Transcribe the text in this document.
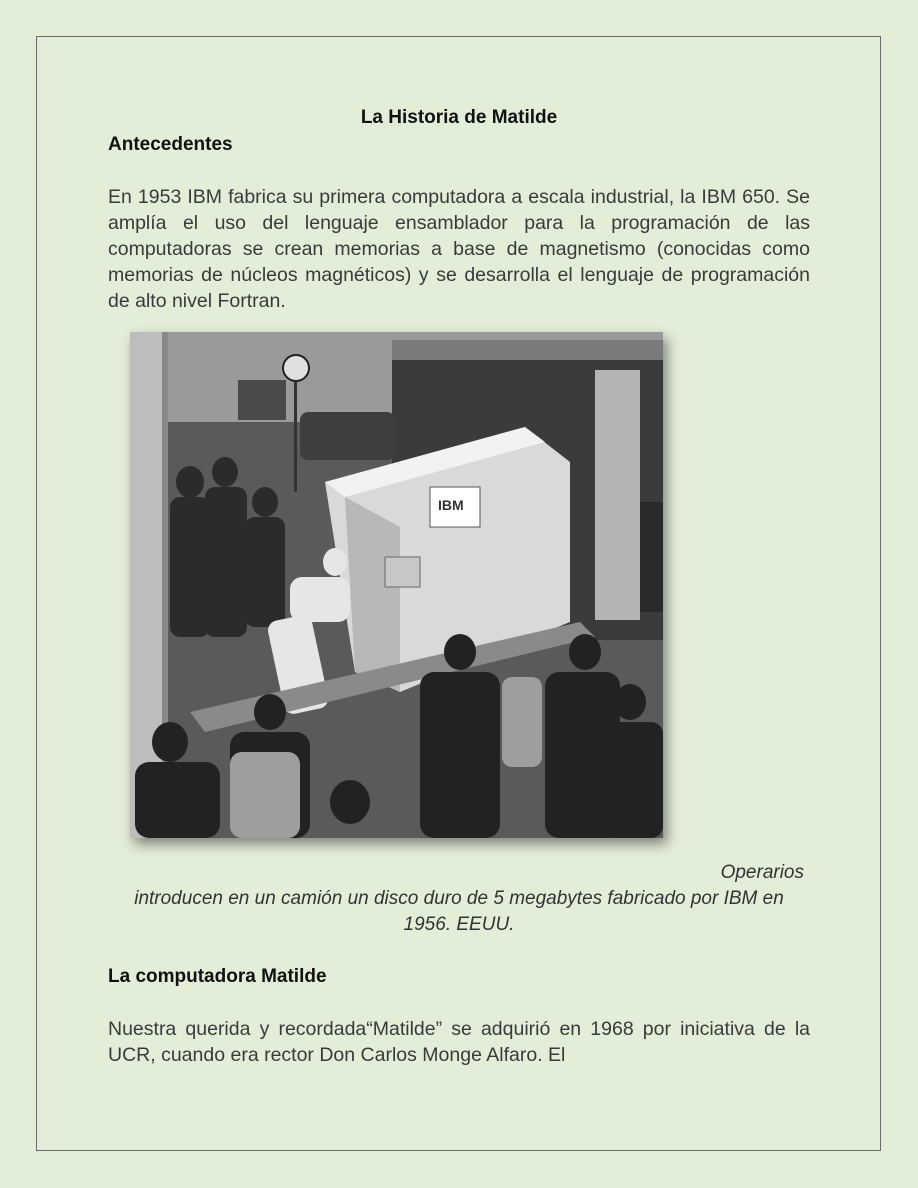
La Historia de Matilde
Antecedentes

En 1953 IBM fabrica su primera computadora a escala industrial, la IBM 650. Se amplía el uso del lenguaje ensamblador para la programación de las computadoras se crean memorias a base de magnetismo (conocidas como memorias de núcleos magnéticos) y se desarrolla el lenguaje de programación de alto nivel Fortran.

IBM
Operarios
introducen en un camión un disco duro de 5 megabytes fabricado por IBM en 1956. EEUU.
La computadora Matilde

Nuestra querida y recordada“Matilde” se adquirió en 1968 por iniciativa de la UCR, cuando era rector Don Carlos Monge Alfaro. El
